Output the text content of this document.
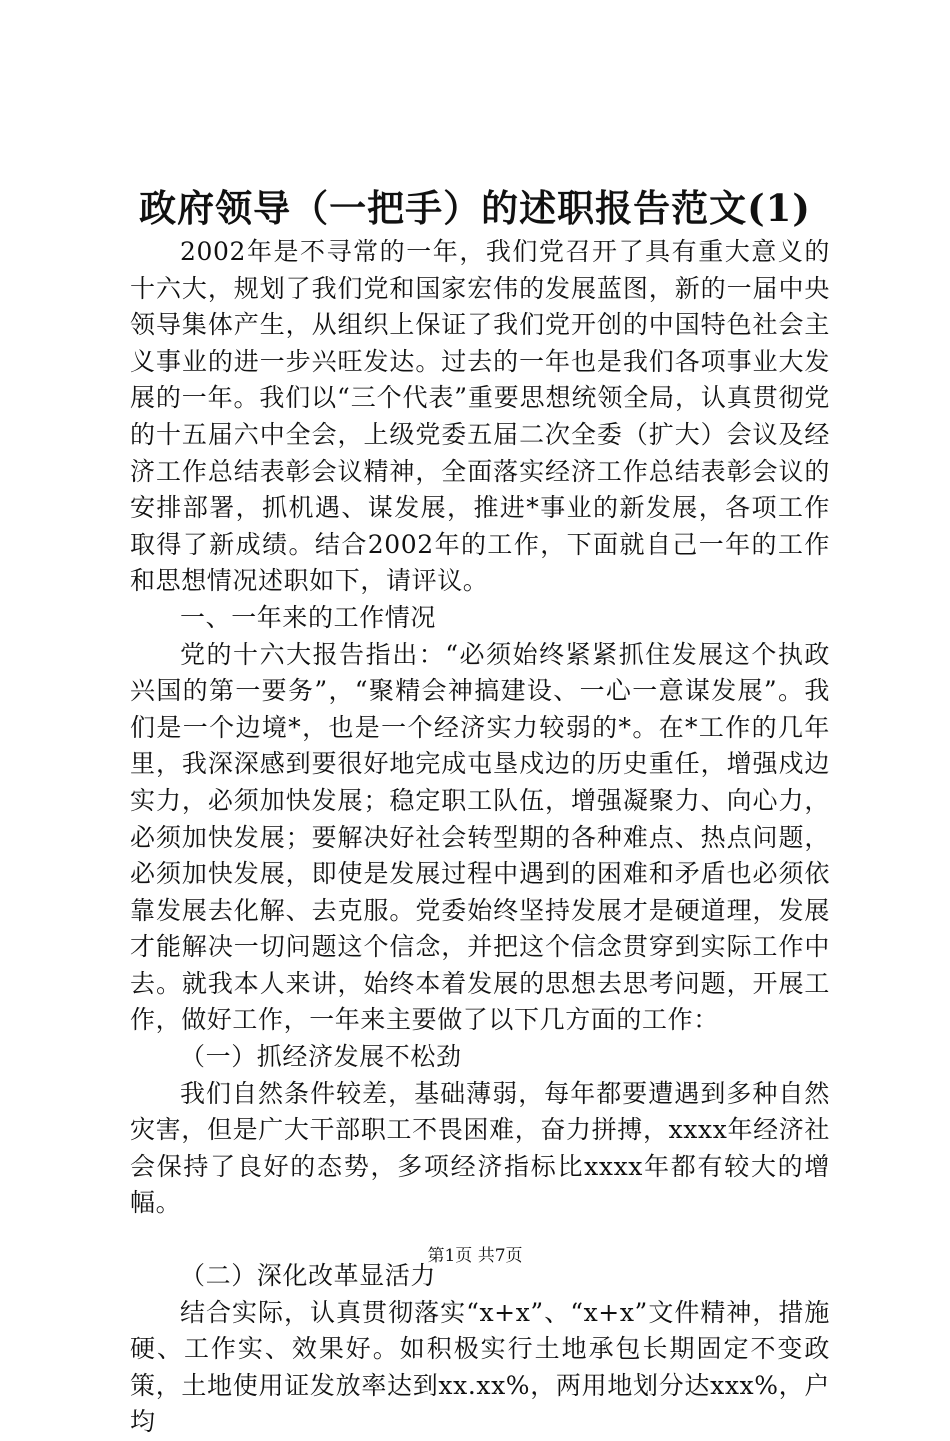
政府领导（一把手）的述职报告范文(1)

2002年是不寻常的一年，我们党召开了具有重大意义的十六大，规划了我们党和国家宏伟的发展蓝图，新的一届中央领导集体产生，从组织上保证了我们党开创的中国特色社会主义事业的进一步兴旺发达。过去的一年也是我们各项事业大发展的一年。我们以“三个代表”重要思想统领全局，认真贯彻党的十五届六中全会，上级党委五届二次全委（扩大）会议及经济工作总结表彰会议精神，全面落实经济工作总结表彰会议的安排部署，抓机遇、谋发展，推进*事业的新发展，各项工作取得了新成绩。结合2002年的工作，下面就自己一年的工作和思想情况述职如下，请评议。

一、一年来的工作情况

党的十六大报告指出：“必须始终紧紧抓住发展这个执政兴国的第一要务”，“聚精会神搞建设、一心一意谋发展”。我们是一个边境*，也是一个经济实力较弱的*。在*工作的几年里，我深深感到要很好地完成屯垦戍边的历史重任，增强戍边实力，必须加快发展；稳定职工队伍，增强凝聚力、向心力，必须加快发展；要解决好社会转型期的各种难点、热点问题，必须加快发展，即使是发展过程中遇到的困难和矛盾也必须依靠发展去化解、去克服。党委始终坚持发展才是硬道理，发展才能解决一切问题这个信念，并把这个信念贯穿到实际工作中去。就我本人来讲，始终本着发展的思想去思考问题，开展工作，做好工作，一年来主要做了以下几方面的工作：

（一）抓经济发展不松劲

我们自然条件较差，基础薄弱，每年都要遭遇到多种自然灾害，但是广大干部职工不畏困难，奋力拼搏，xxxx年经济社会保持了良好的态势，多项经济指标比xxxx年都有较大的增幅。

（二）深化改革显活力

结合实际，认真贯彻落实“x+x”、“x+x”文件精神，措施硬、工作实、效果好。如积极实行土地承包长期固定不变政策，土地使用证发放率达到xx.xx%，两用地划分达xxx%，户均

第1页 共7页
